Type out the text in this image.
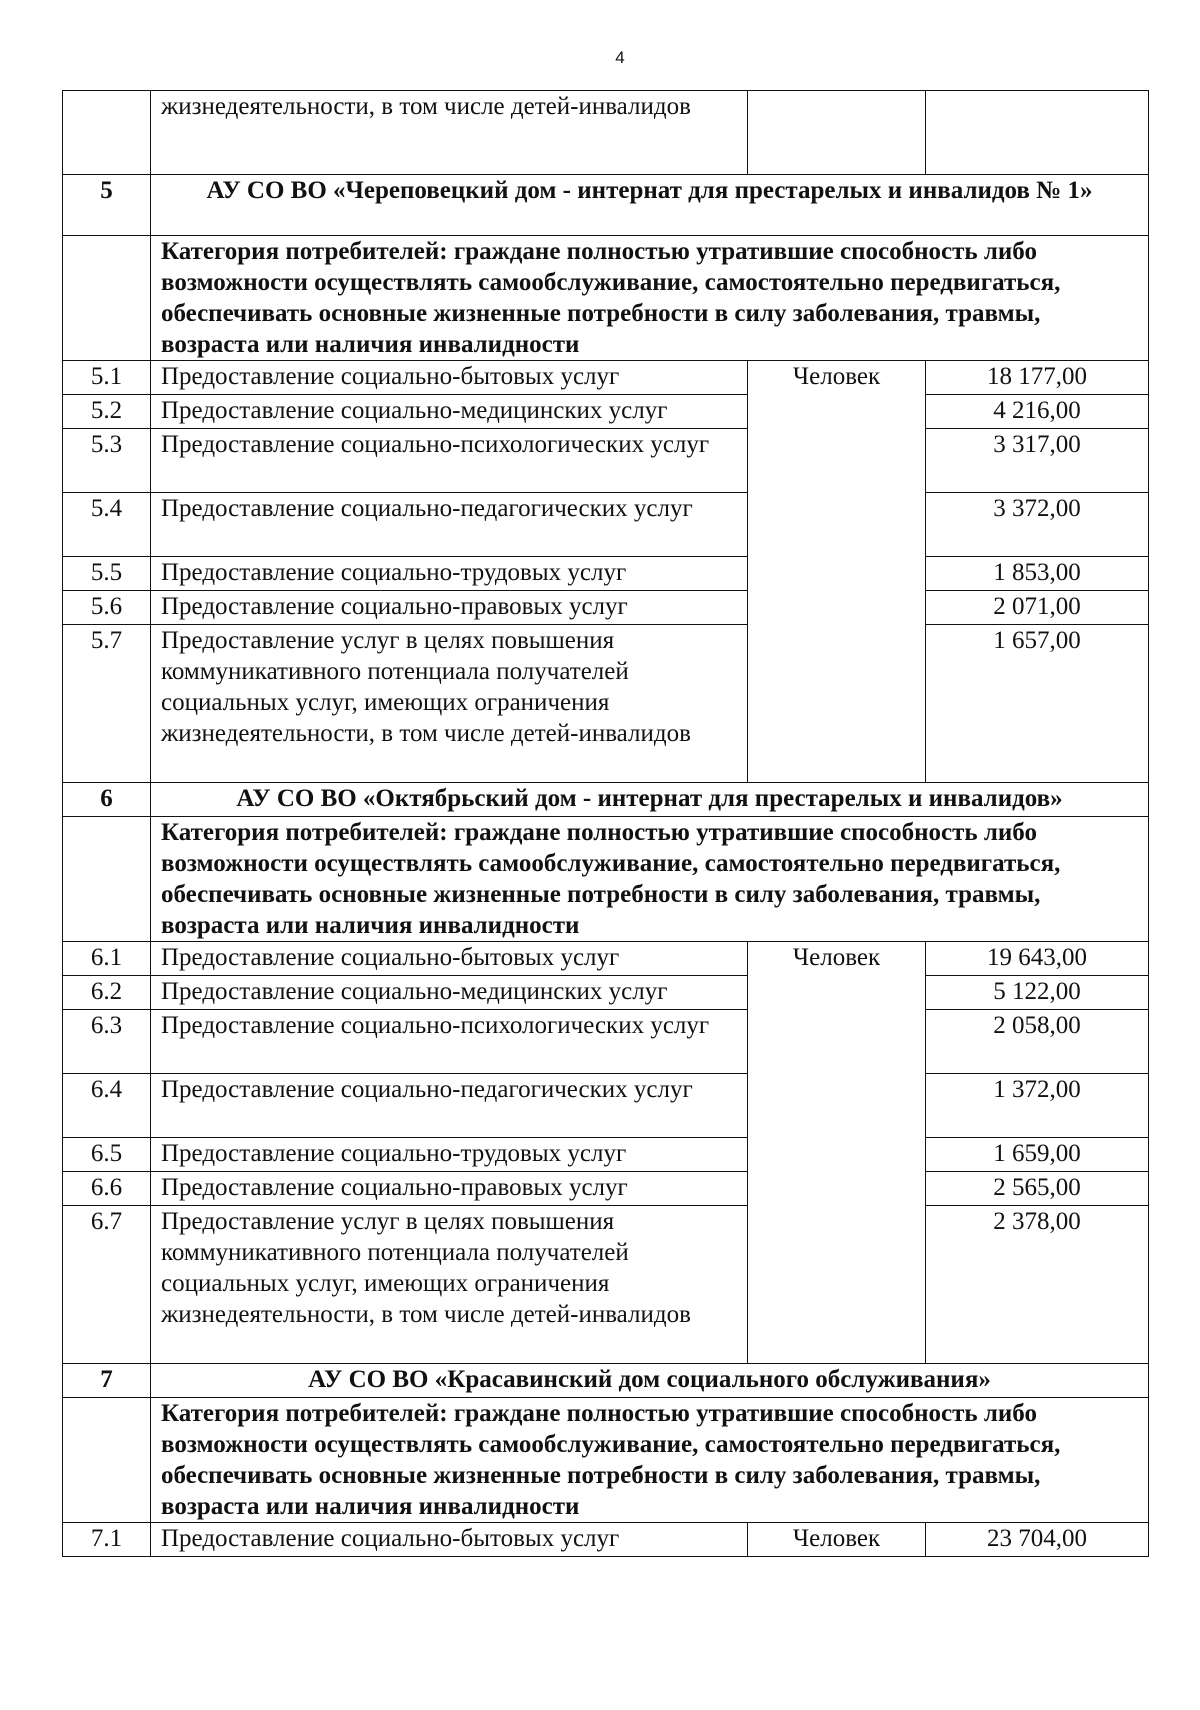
4
	жизнедеятельности, в том числе детей-инвалидов		
5	АУ СО ВО «Череповецкий дом - интернат для престарелых и инвалидов № 1»		
	Категория потребителей: граждане полностью утратившие способность либо возможности осуществлять самообслуживание, самостоятельно передвигаться, обеспечивать основные жизненные потребности в силу заболевания, травмы, возраста или наличия инвалидности		
5.1	Предоставление социально-бытовых услуг	Человек	18 177,00
5.2	Предоставление социально-медицинских услуг		4 216,00
5.3	Предоставление социально-психологических услуг		3 317,00
5.4	Предоставление социально-педагогических услуг		3 372,00
5.5	Предоставление социально-трудовых услуг		1 853,00
5.6	Предоставление социально-правовых услуг		2 071,00
5.7	Предоставление услуг в целях повышения коммуникативного потенциала получателей социальных услуг, имеющих ограничения жизнедеятельности, в том числе детей-инвалидов		1 657,00
6	АУ СО ВО «Октябрьский дом - интернат для престарелых и инвалидов»		
	Категория потребителей: граждане полностью утратившие способность либо возможности осуществлять самообслуживание, самостоятельно передвигаться, обеспечивать основные жизненные потребности в силу заболевания, травмы, возраста или наличия инвалидности		
6.1	Предоставление социально-бытовых услуг	Человек	19 643,00
6.2	Предоставление социально-медицинских услуг		5 122,00
6.3	Предоставление социально-психологических услуг		2 058,00
6.4	Предоставление социально-педагогических услуг		1 372,00
6.5	Предоставление социально-трудовых услуг		1 659,00
6.6	Предоставление социально-правовых услуг		2 565,00
6.7	Предоставление услуг в целях повышения коммуникативного потенциала получателей социальных услуг, имеющих ограничения жизнедеятельности, в том числе детей-инвалидов		2 378,00
7	АУ СО ВО «Красавинский дом социального обслуживания»		
	Категория потребителей: граждане полностью утратившие способность либо возможности осуществлять самообслуживание, самостоятельно передвигаться, обеспечивать основные жизненные потребности в силу заболевания, травмы, возраста или наличия инвалидности		
7.1	Предоставление социально-бытовых услуг	Человек	23 704,00
